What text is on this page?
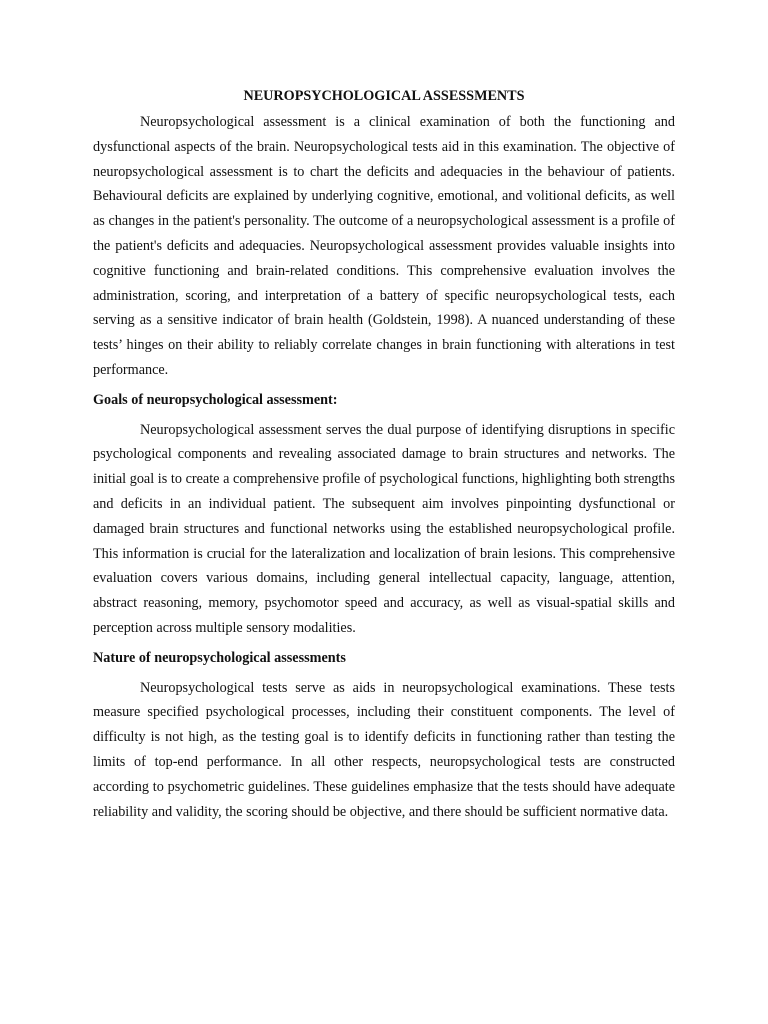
NEUROPSYCHOLOGICAL ASSESSMENTS

Neuropsychological assessment is a clinical examination of both the functioning and dysfunctional aspects of the brain. Neuropsychological tests aid in this examination. The objective of neuropsychological assessment is to chart the deficits and adequacies in the behaviour of patients. Behavioural deficits are explained by underlying cognitive, emotional, and volitional deficits, as well as changes in the patient's personality. The outcome of a neuropsychological assessment is a profile of the patient's deficits and adequacies. Neuropsychological assessment provides valuable insights into cognitive functioning and brain-related conditions. This comprehensive evaluation involves the administration, scoring, and interpretation of a battery of specific neuropsychological tests, each serving as a sensitive indicator of brain health (Goldstein, 1998). A nuanced understanding of these tests’ hinges on their ability to reliably correlate changes in brain functioning with alterations in test performance.

Goals of neuropsychological assessment:

Neuropsychological assessment serves the dual purpose of identifying disruptions in specific psychological components and revealing associated damage to brain structures and networks. The initial goal is to create a comprehensive profile of psychological functions, highlighting both strengths and deficits in an individual patient. The subsequent aim involves pinpointing dysfunctional or damaged brain structures and functional networks using the established neuropsychological profile. This information is crucial for the lateralization and localization of brain lesions. This comprehensive evaluation covers various domains, including general intellectual capacity, language, attention, abstract reasoning, memory, psychomotor speed and accuracy, as well as visual-spatial skills and perception across multiple sensory modalities.

Nature of neuropsychological assessments

Neuropsychological tests serve as aids in neuropsychological examinations. These tests measure specified psychological processes, including their constituent components. The level of difficulty is not high, as the testing goal is to identify deficits in functioning rather than testing the limits of top-end performance. In all other respects, neuropsychological tests are constructed according to psychometric guidelines. These guidelines emphasize that the tests should have adequate reliability and validity, the scoring should be objective, and there should be sufficient normative data.
